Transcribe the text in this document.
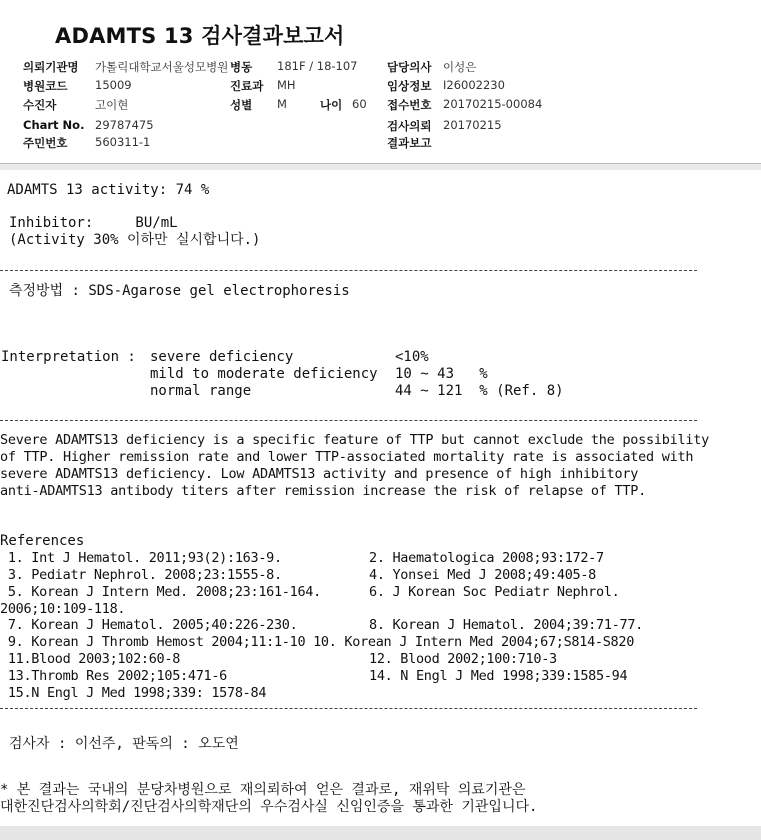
ADAMTS 13 검사결과보고서
의뢰기관명 가톨릭대학교서울성모병원 병동 181F / 18-107	담당의사 이성은
병원코드 15009	진료과 MH	임상정보 I26002230
수진자	고이현	성별 M	나이 60 접수번호 20170215-00084
Chart No. 29787475	검사의뢰 20170215
주민번호 560311-1	결과보고
ADAMTS 13 activity: 74 %
Inhibitor:     BU/mL
(Activity 30% 이하만 실시합니다.)
측정방법 : SDS-Agarose gel electrophoresis
Interpretation : severe deficiency	<10%
mild to moderate deficiency 10 ~ 43   %
normal range	44 ~ 121  % (Ref. 8)
Severe ADAMTS13 deficiency is a specific feature of TTP but cannot exclude the possibility
of TTP. Higher remission rate and lower TTP-associated mortality rate is associated with
severe ADAMTS13 deficiency. Low ADAMTS13 activity and presence of high inhibitory
anti-ADAMTS13 antibody titers after remission increase the risk of relapse of TTP.
References
1. Int J Hematol. 2011;93(2):163-9.	2. Haematologica 2008;93:172-7
3. Pediatr Nephrol. 2008;23:1555-8.	4. Yonsei Med J 2008;49:405-8
5. Korean J Intern Med. 2008;23:161-164.	6. J Korean Soc Pediatr Nephrol.
2006;10:109-118.
7. Korean J Hematol. 2005;40:226-230.	8. Korean J Hematol. 2004;39:71-77.
9. Korean J Thromb Hemost 2004;11:1-10 10. Korean J Intern Med 2004;67;S814-S820
11.Blood 2003;102:60-8	12. Blood 2002;100:710-3
13.Thromb Res 2002;105:471-6	14. N Engl J Med 1998;339:1585-94
15.N Engl J Med 1998;339: 1578-84
검사자 : 이선주, 판독의 : 오도연
* 본 결과는 국내의 분당차병원으로 재의뢰하여 얻은 결과로, 재위탁 의료기관은
대한진단검사의학회/진단검사의학재단의 우수검사실 신임인증을 통과한 기관입니다.
